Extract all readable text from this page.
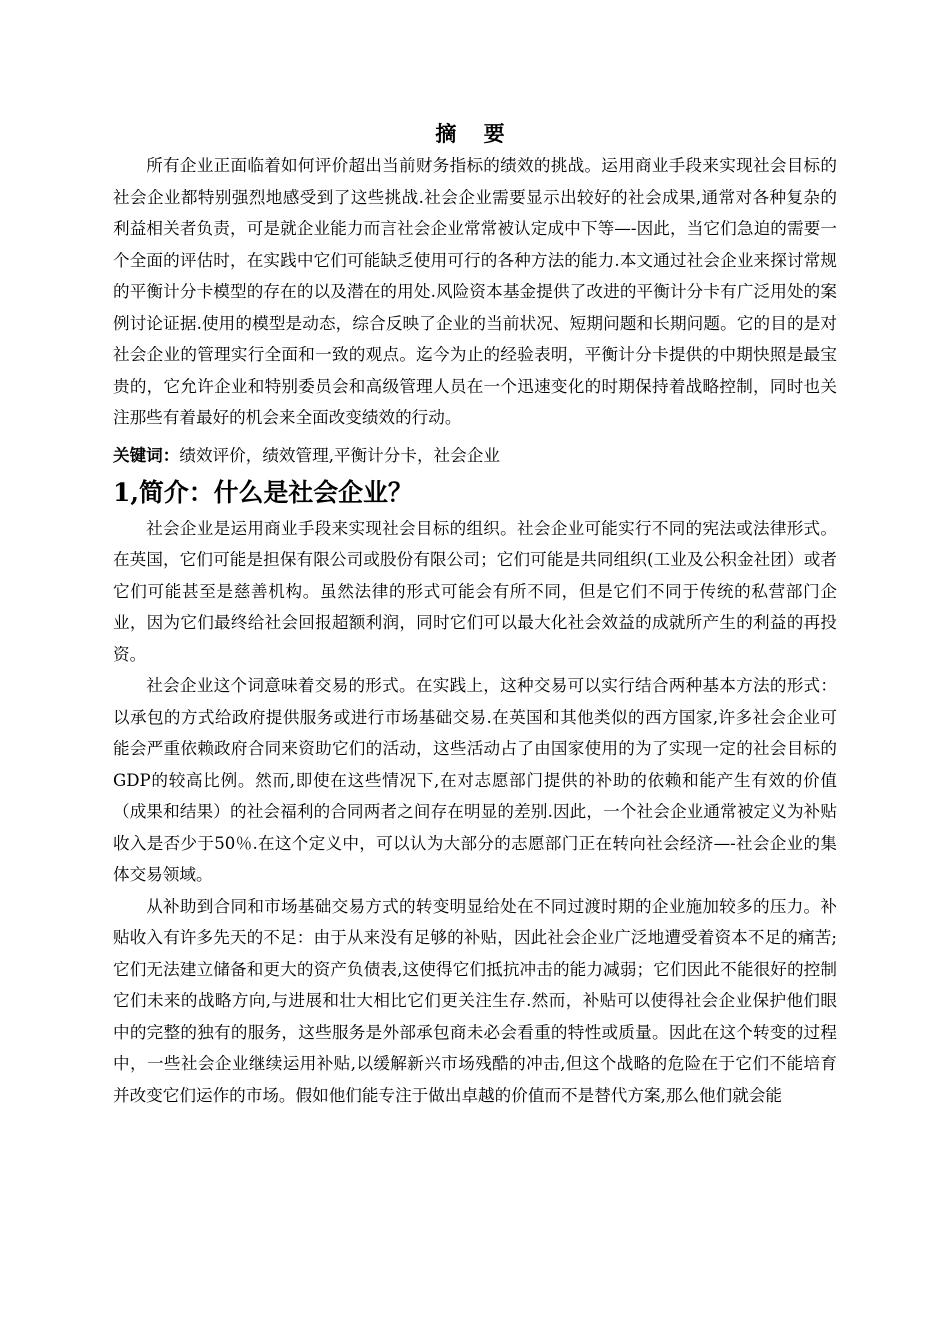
摘 要

所有企业正面临着如何评价超出当前财务指标的绩效的挑战。运用商业手段来实现社会目标的社会企业都特别强烈地感受到了这些挑战.社会企业需要显示出较好的社会成果,通常对各种复杂的利益相关者负责，可是就企业能力而言社会企业常常被认定成中下等—-因此，当它们急迫的需要一个全面的评估时，在实践中它们可能缺乏使用可行的各种方法的能力.本文通过社会企业来探讨常规的平衡计分卡模型的存在的以及潜在的用处.风险资本基金提供了改进的平衡计分卡有广泛用处的案例讨论证据.使用的模型是动态，综合反映了企业的当前状况、短期问题和长期问题。它的目的是对社会企业的管理实行全面和一致的观点。迄今为止的经验表明，平衡计分卡提供的中期快照是最宝贵的，它允许企业和特别委员会和高级管理人员在一个迅速变化的时期保持着战略控制，同时也关注那些有着最好的机会来全面改变绩效的行动。

关键词：绩效评价，绩效管理,平衡计分卡，社会企业

1,简介：什么是社会企业？

社会企业是运用商业手段来实现社会目标的组织。社会企业可能实行不同的宪法或法律形式。在英国，它们可能是担保有限公司或股份有限公司；它们可能是共同组织(工业及公积金社团）或者它们可能甚至是慈善机构。虽然法律的形式可能会有所不同，但是它们不同于传统的私营部门企业，因为它们最终给社会回报超额利润，同时它们可以最大化社会效益的成就所产生的利益的再投资。

社会企业这个词意味着交易的形式。在实践上，这种交易可以实行结合两种基本方法的形式：以承包的方式给政府提供服务或进行市场基础交易.在英国和其他类似的西方国家,许多社会企业可能会严重依赖政府合同来资助它们的活动，这些活动占了由国家使用的为了实现一定的社会目标的GDP的较高比例。然而,即使在这些情况下,在对志愿部门提供的补助的依赖和能产生有效的价值（成果和结果）的社会福利的合同两者之间存在明显的差别.因此，一个社会企业通常被定义为补贴收入是否少于50％.在这个定义中，可以认为大部分的志愿部门正在转向社会经济—-社会企业的集体交易领域。

从补助到合同和市场基础交易方式的转变明显给处在不同过渡时期的企业施加较多的压力。补贴收入有许多先天的不足：由于从来没有足够的补贴，因此社会企业广泛地遭受着资本不足的痛苦;它们无法建立储备和更大的资产负债表,这使得它们抵抗冲击的能力减弱；它们因此不能很好的控制它们未来的战略方向,与进展和壮大相比它们更关注生存.然而，补贴可以使得社会企业保护他们眼中的完整的独有的服务，这些服务是外部承包商未必会看重的特性或质量。因此在这个转变的过程中，一些社会企业继续运用补贴,以缓解新兴市场残酷的冲击,但这个战略的危险在于它们不能培育并改变它们运作的市场。假如他们能专注于做出卓越的价值而不是替代方案,那么他们就会能
